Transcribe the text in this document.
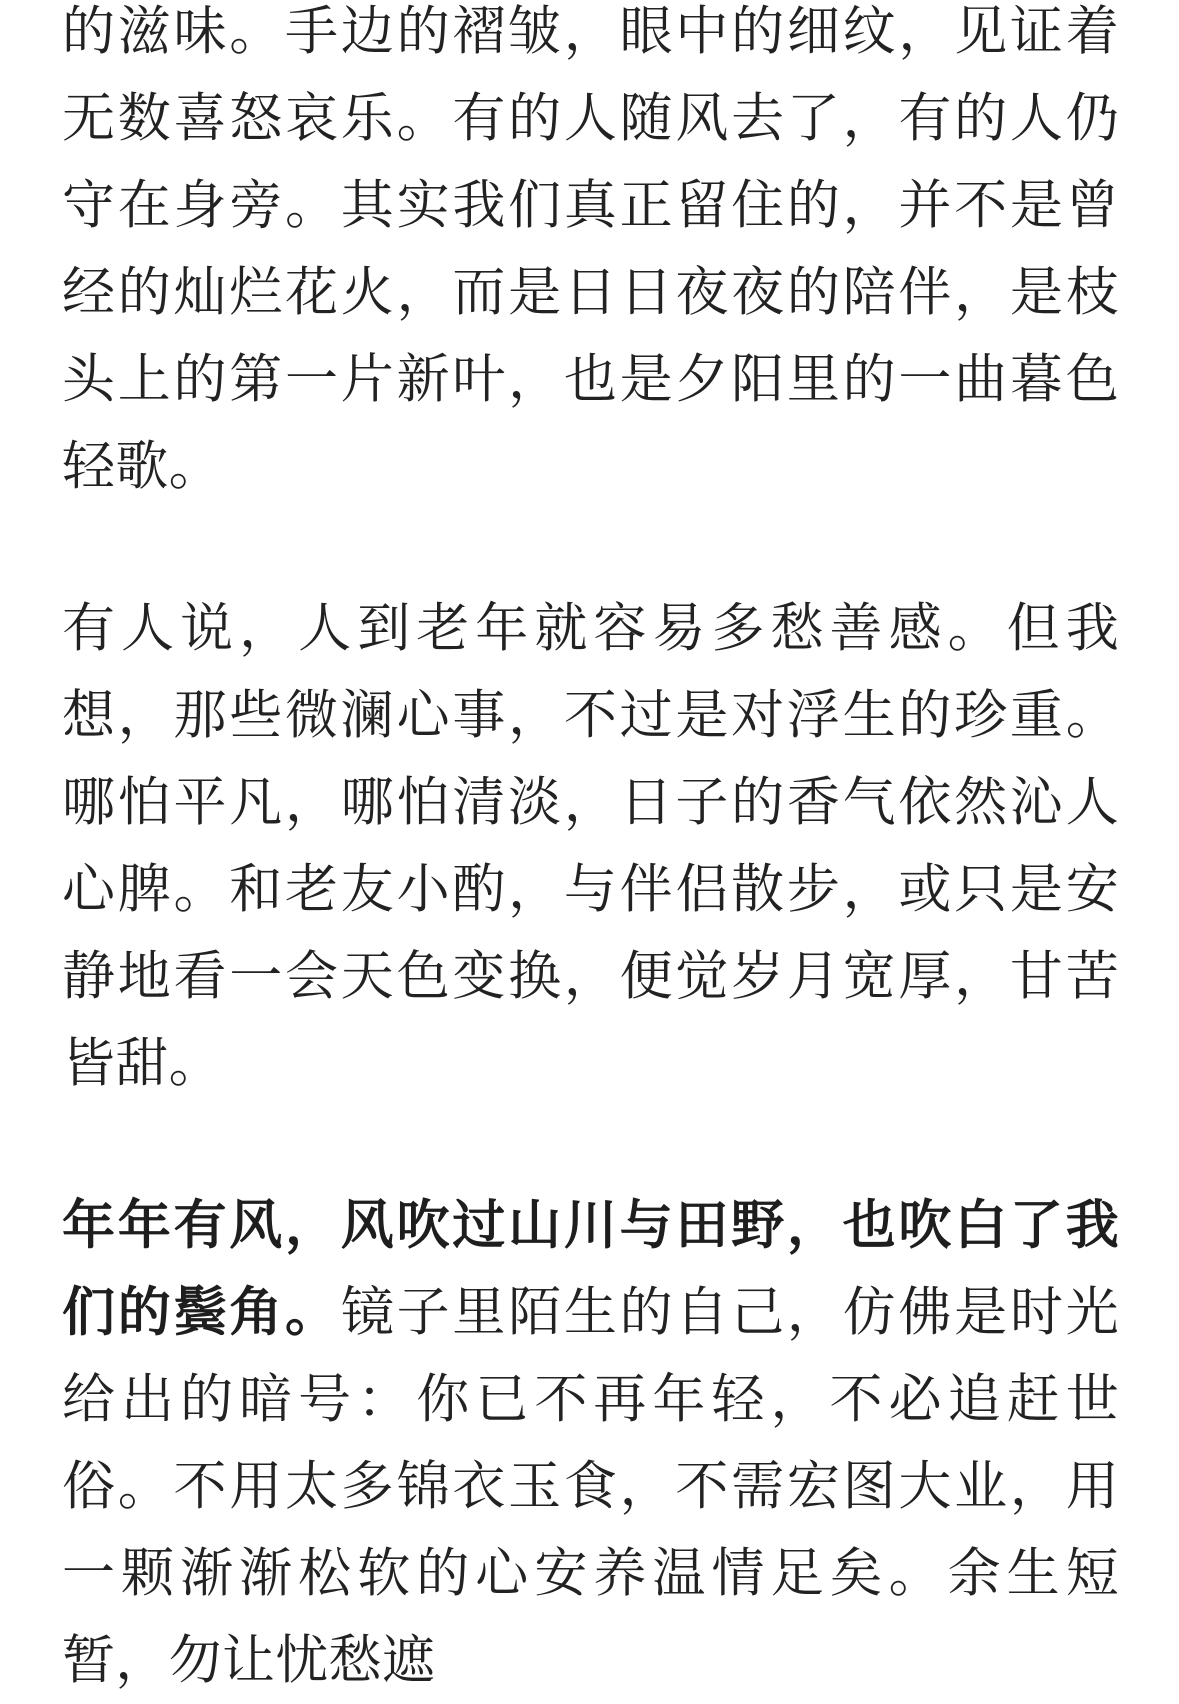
的滋味。手边的褶皱，眼中的细纹，见证着无数喜怒哀乐。有的人随风去了，有的人仍守在身旁。其实我们真正留住的，并不是曾经的灿烂花火，而是日日夜夜的陪伴，是枝头上的第一片新叶，也是夕阳里的一曲暮色轻歌。

有人说，人到老年就容易多愁善感。但我想，那些微澜心事，不过是对浮生的珍重。哪怕平凡，哪怕清淡，日子的香气依然沁人心脾。和老友小酌，与伴侣散步，或只是安静地看一会天色变换，便觉岁月宽厚，甘苦皆甜。

年年有风，风吹过山川与田野，也吹白了我们的鬓角。镜子里陌生的自己，仿佛是时光给出的暗号：你已不再年轻，不必追赶世俗。不用太多锦衣玉食，不需宏图大业，用一颗渐渐松软的心安养温情足矣。余生短暂，勿让忧愁遮
